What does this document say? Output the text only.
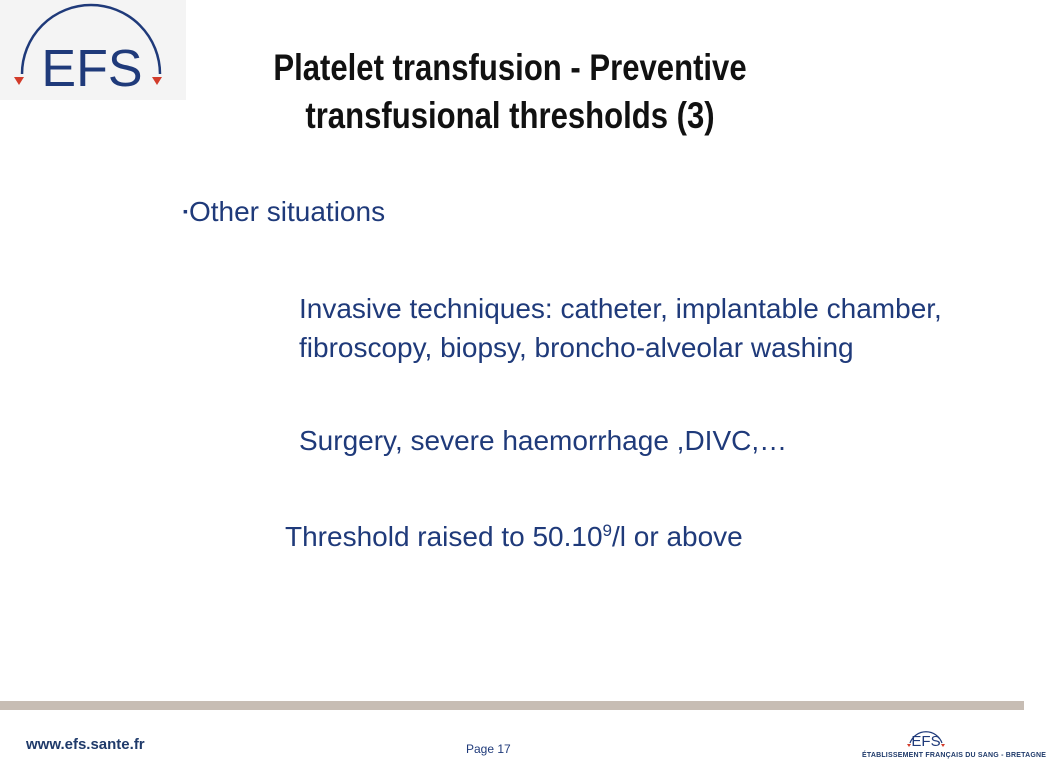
EFS	Platelet transfusion - Preventive
transfusional thresholds (3)
▪Other situations
Invasive techniques: catheter, implantable chamber, fibroscopy, biopsy, broncho-alveolar washing
Surgery, severe haemorrhage ,DIVC,…
Threshold raised to 50.10$^9$/l or above
www.efs.sante.fr	Page 17	EFS
ÉTABLISSEMENT FRANÇAIS DU SANG - BRETAGNE
